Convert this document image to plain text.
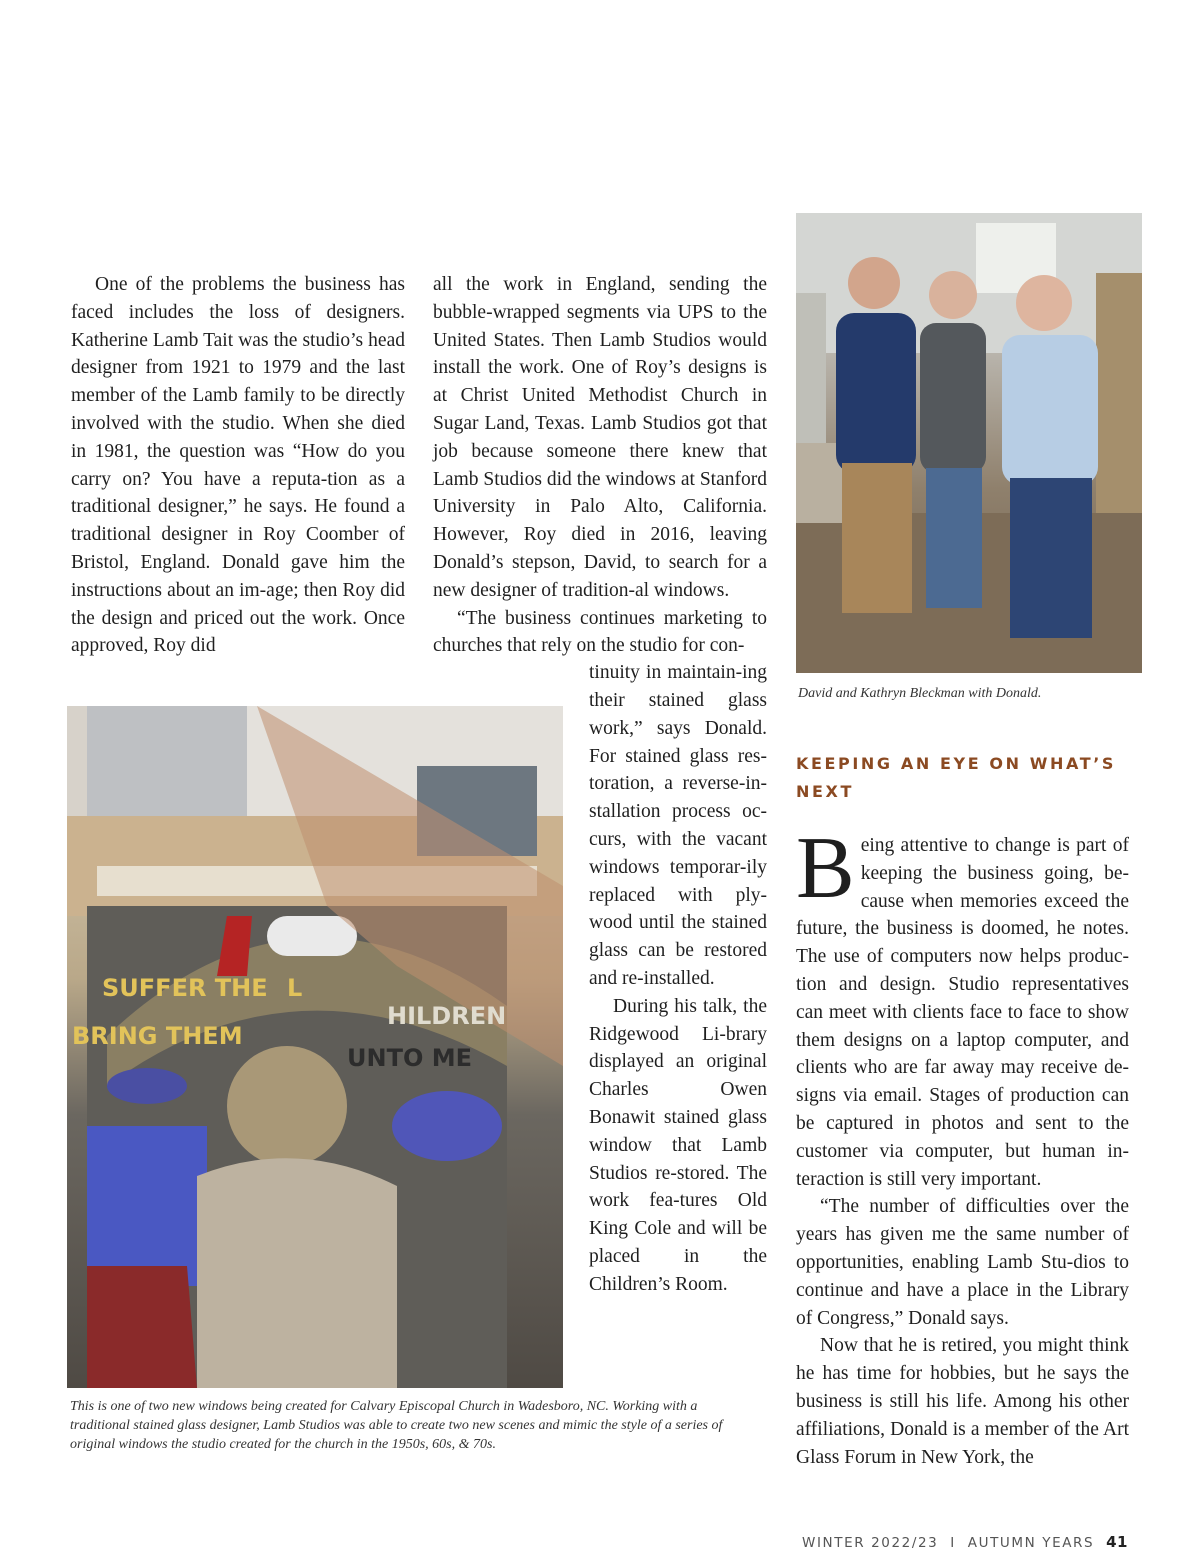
One of the problems the business has faced includes the loss of designers. Katherine Lamb Tait was the studio’s head designer from 1921 to 1979 and the last member of the Lamb family to be directly involved with the studio. When she died in 1981, the question was “How do you carry on? You have a reputa-tion as a traditional designer,” he says. He found a traditional designer in Roy Coomber of Bristol, England. Donald gave him the instructions about an im-age; then Roy did the design and priced out the work. Once approved, Roy did

all the work in England, sending the bubble-wrapped segments via UPS to the United States. Then Lamb Studios would install the work. One of Roy’s designs is at Christ United Methodist Church in Sugar Land, Texas. Lamb Studios got that job because someone there knew that Lamb Studios did the windows at Stanford University in Palo Alto, California. However, Roy died in 2016, leaving Donald’s stepson, David, to search for a new designer of tradition-al windows.

“The business continues marketing to churches that rely on the studio for con-

tinuity in maintain-ing their stained glass work,” says Donald. For stained glass res-toration, a reverse-in-stallation process oc-curs, with the vacant windows temporar-ily replaced with ply-wood until the stained glass can be restored and re-installed.

During his talk, the Ridgewood Li-brary displayed an original Charles Owen Bonawit stained glass window that Lamb Studios re-stored. The work fea-tures Old King Cole and will be placed in the Children’s Room.

David and Kathryn Bleckman with Donald.
KEEPING AN EYE ON WHAT’S NEXT

Being attentive to change is part of keeping the business going, be-cause when memories exceed the future, the business is doomed, he notes. The use of computers now helps produc-tion and design. Studio representatives can meet with clients face to face to show them designs on a laptop computer, and clients who are far away may receive de-signs via email. Stages of production can be captured in photos and sent to the customer via computer, but human in-teraction is still very important.

“The number of difficulties over the years has given me the same number of opportunities, enabling Lamb Stu-dios to continue and have a place in the Library of Congress,” Donald says.

Now that he is retired, you might think he has time for hobbies, but he says the business is still his life. Among his other affiliations, Donald is a member of the Art Glass Forum in New York, the

SUFFER THE L
HILDREN
BRING THEM
UNTO ME
This is one of two new windows being created for Calvary Episcopal Church in Wadesboro, NC. Working with a traditional stained glass designer, Lamb Studios was able to create two new scenes and mimic the style of a series of original windows the studio created for the church in the 1950s, 60s, & 70s.
WINTER 2022/23 I AUTUMN YEARS 41
